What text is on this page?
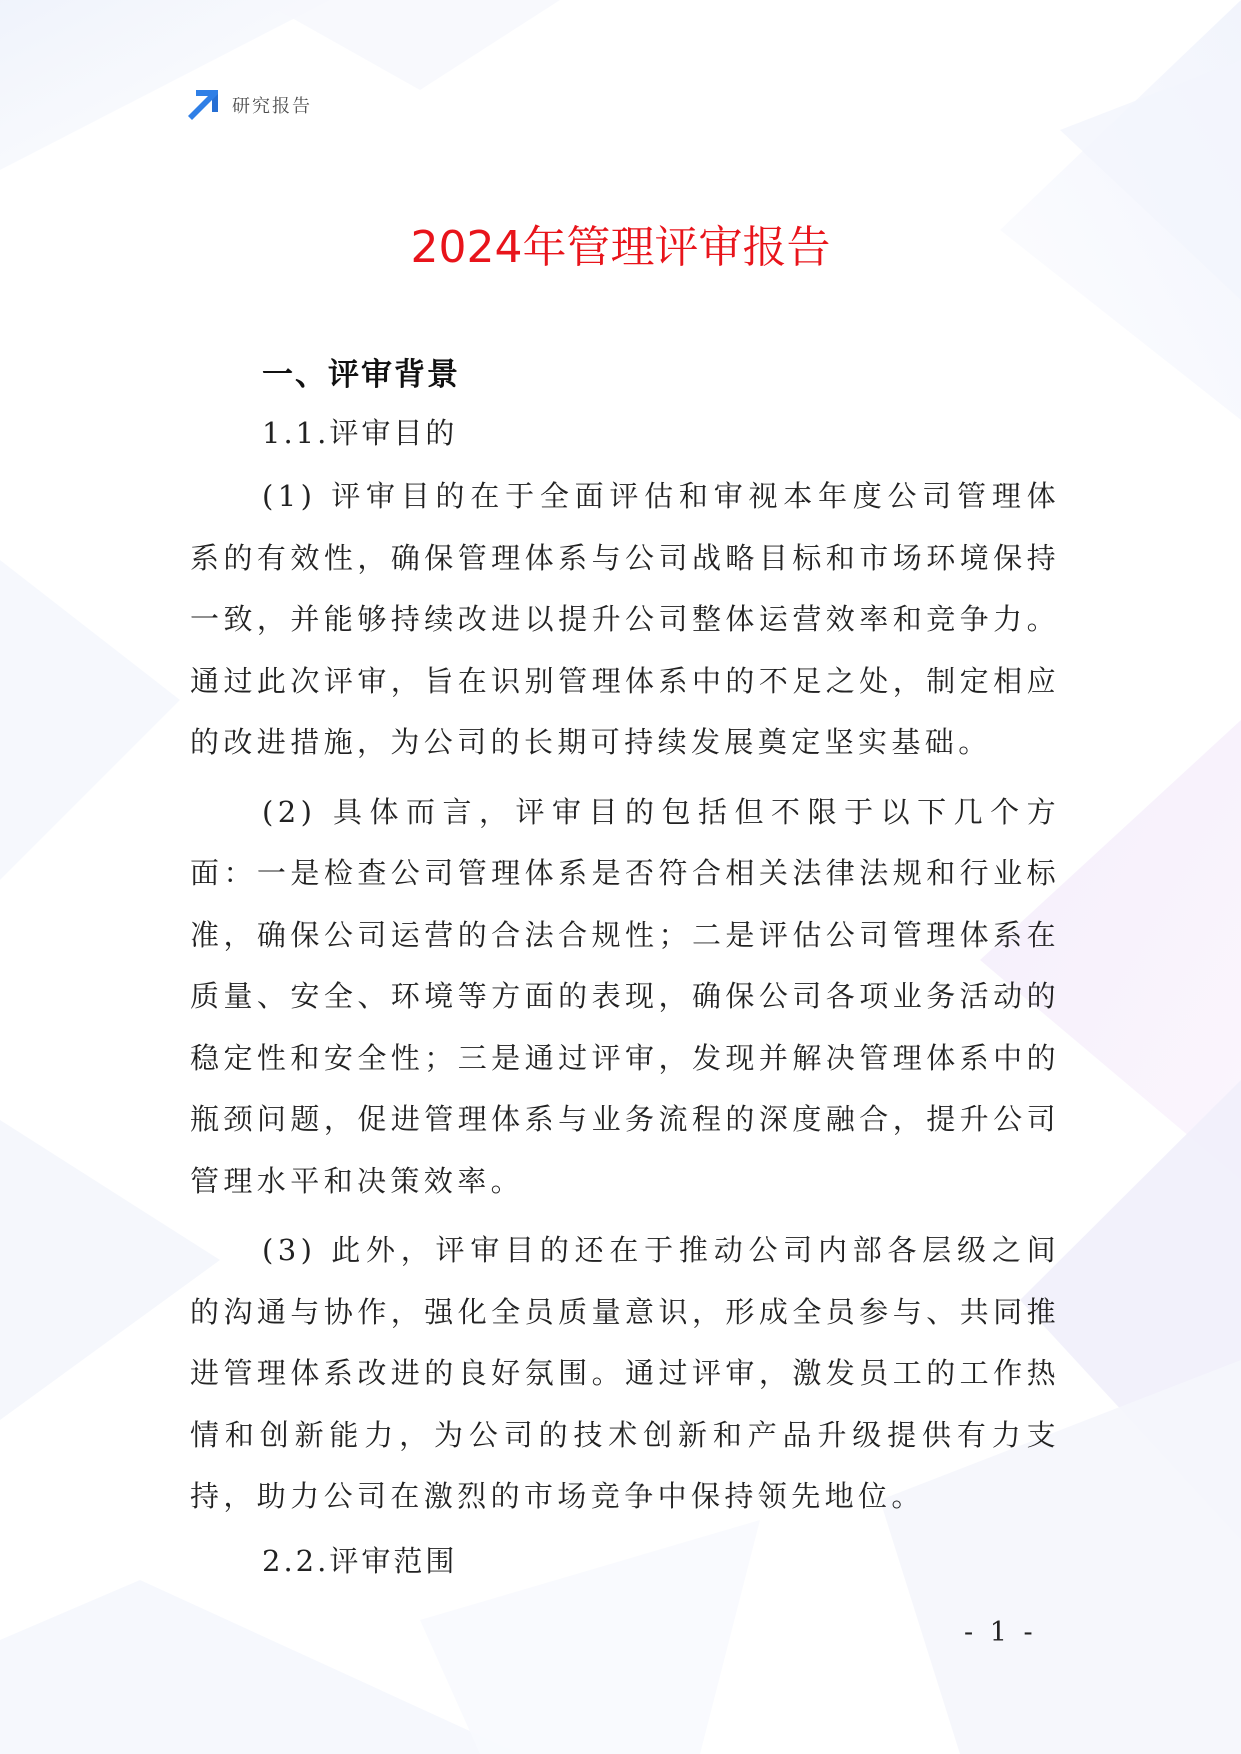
研究报告
2024年管理评审报告
一、评审背景
1.1.评审目的

(1) 评审目的在于全面评估和审视本年度公司管理体系的有效性，确保管理体系与公司战略目标和市场环境保持一致，并能够持续改进以提升公司整体运营效率和竞争力。通过此次评审，旨在识别管理体系中的不足之处，制定相应的改进措施，为公司的长期可持续发展奠定坚实基础。

(2) 具体而言，评审目的包括但不限于以下几个方面：一是检查公司管理体系是否符合相关法律法规和行业标准，确保公司运营的合法合规性；二是评估公司管理体系在质量、安全、环境等方面的表现，确保公司各项业务活动的稳定性和安全性；三是通过评审，发现并解决管理体系中的瓶颈问题，促进管理体系与业务流程的深度融合，提升公司管理水平和决策效率。

(3) 此外，评审目的还在于推动公司内部各层级之间的沟通与协作，强化全员质量意识，形成全员参与、共同推进管理体系改进的良好氛围。通过评审，激发员工的工作热情和创新能力，为公司的技术创新和产品升级提供有力支持，助力公司在激烈的市场竞争中保持领先地位。

2.2.评审范围
- 1 -
